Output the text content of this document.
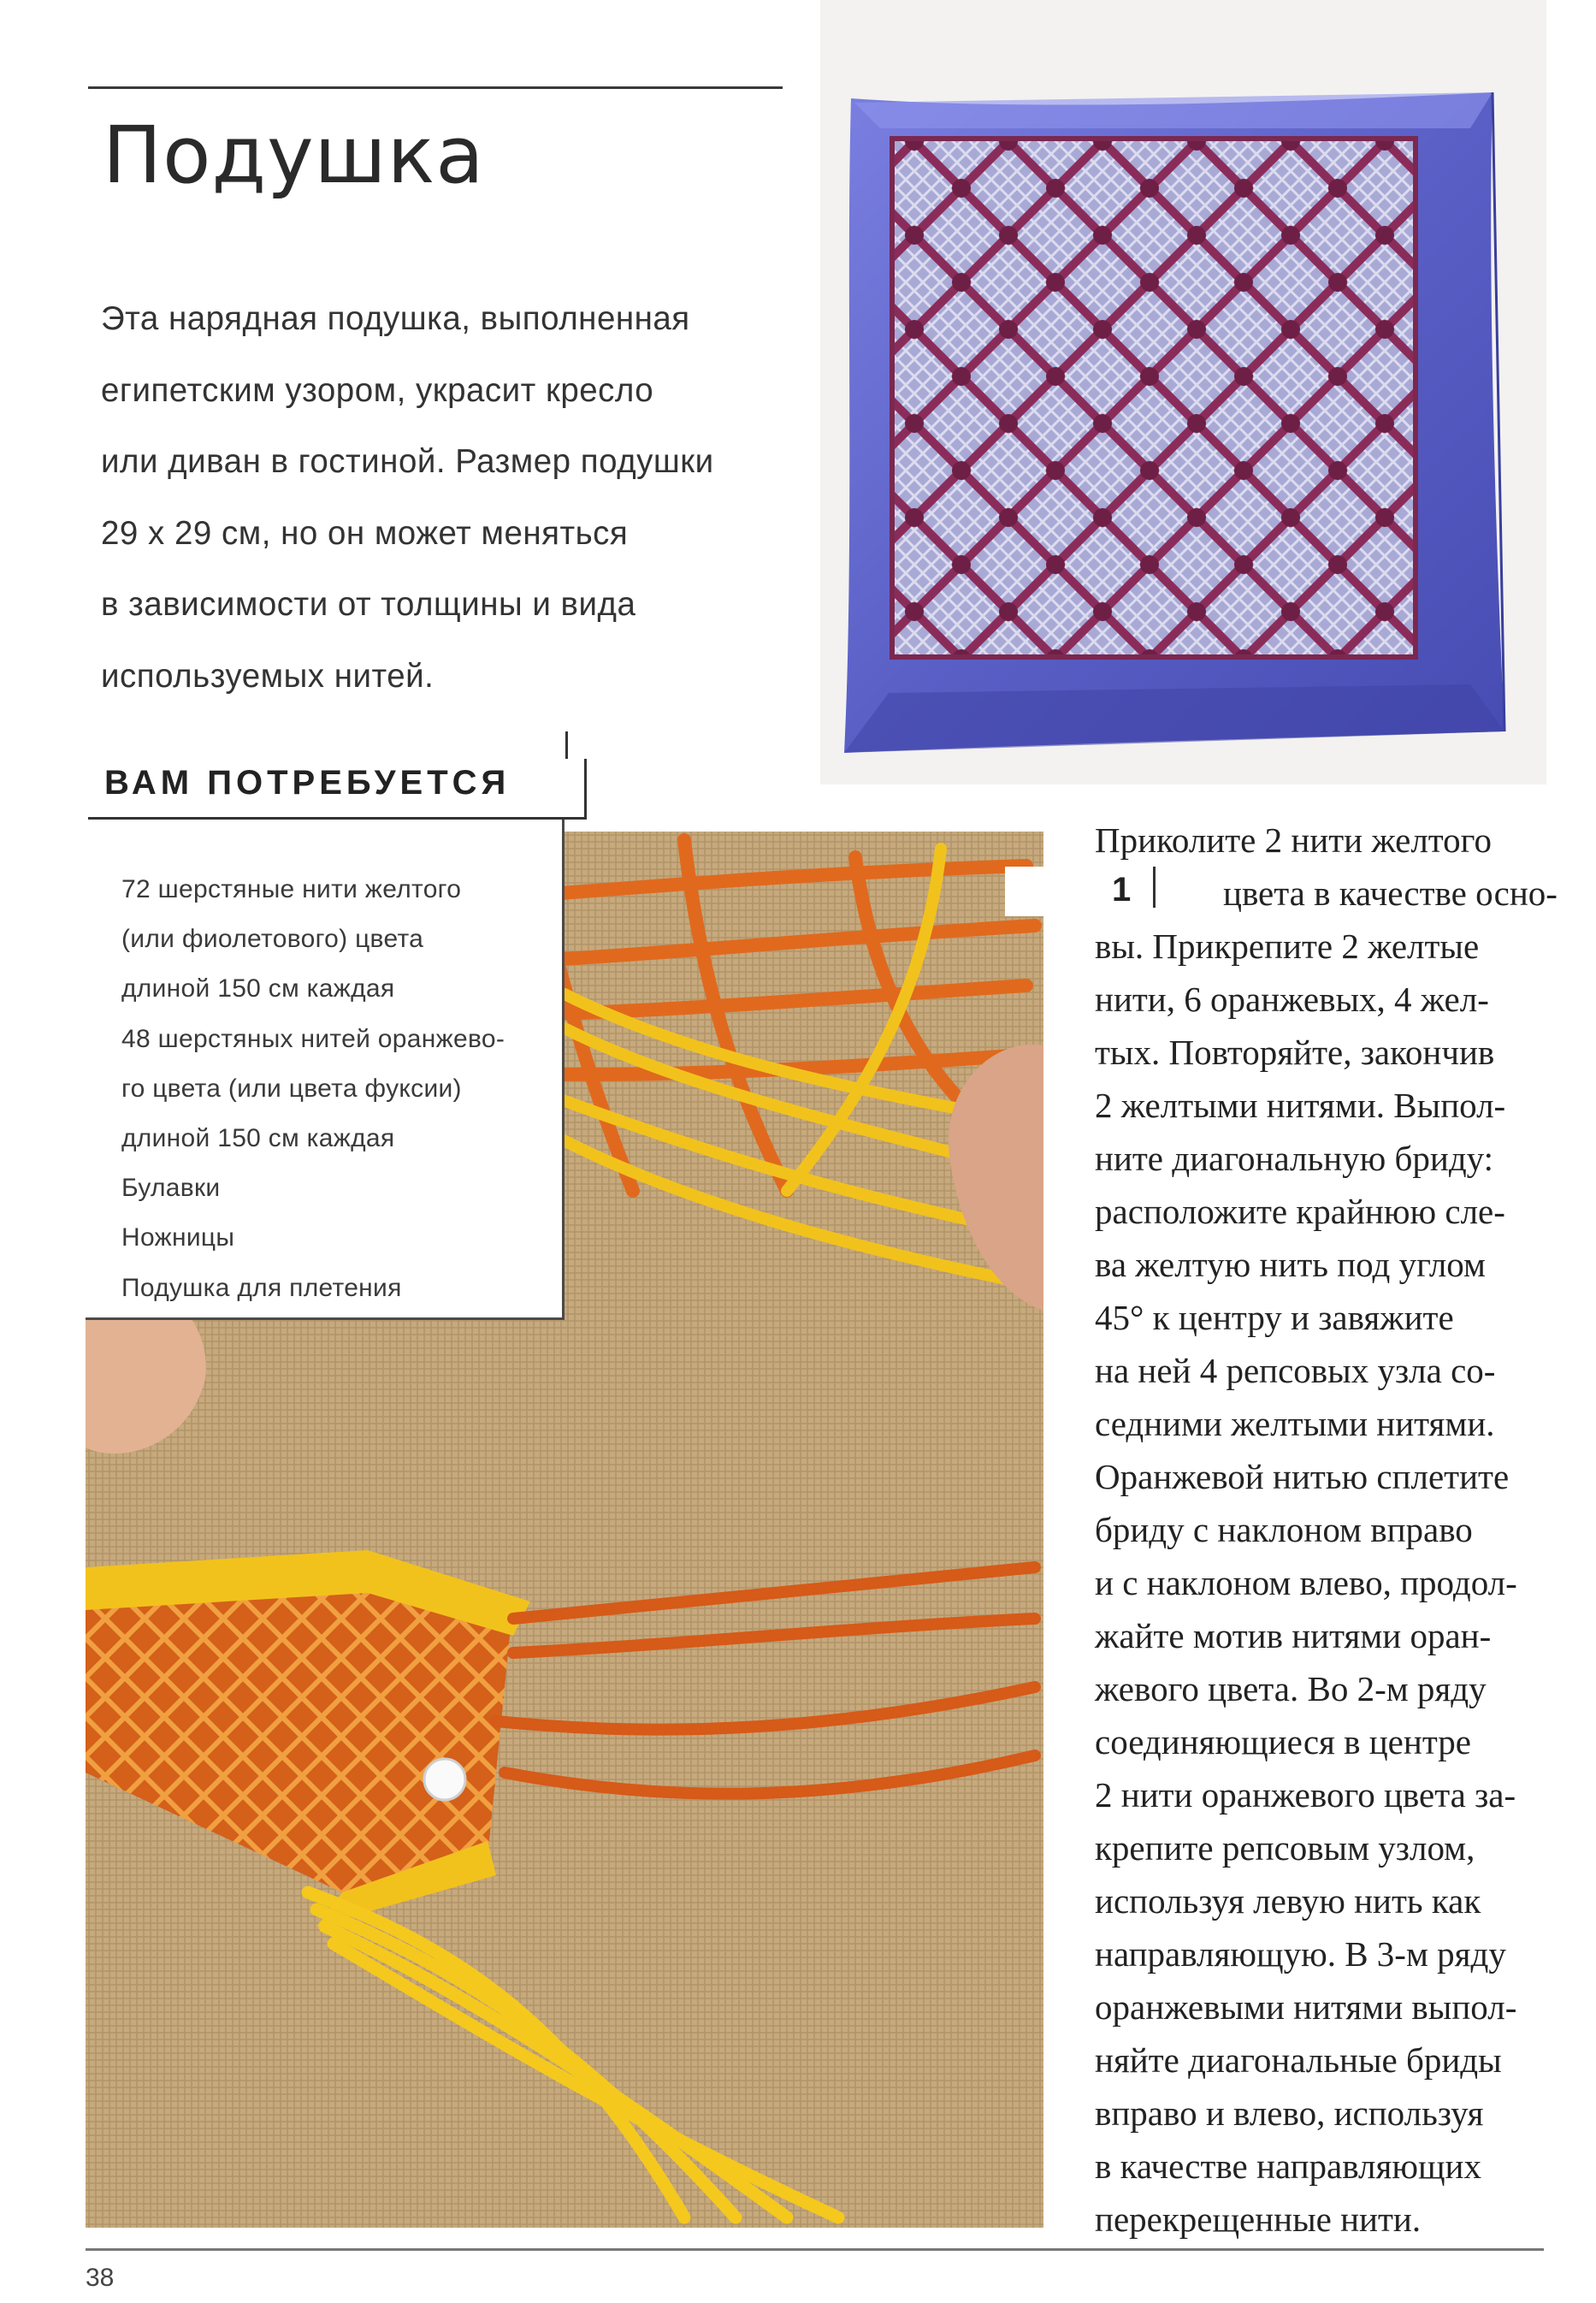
Подушка

Эта нарядная подушка, выполненная
египетским узором, украсит кресло
или диван в гостиной. Размер подушки
29 х 29 см, но он может меняться
в зависимости от толщины и вида
используемых нитей.

ВАМ ПОТРЕБУЕТСЯ
72 шерстяные нити желтого
(или фиолетового) цвета
длиной 150 см каждая
48 шерстяных нитей оранжево-
го цвета (или цвета фуксии)
длиной 150 см каждая
Булавки
Ножницы
Подушка для плетения
1

Приколите 2 нити желтого
цвета в качестве осно-
вы. Прикрепите 2 желтые
нити, 6 оранжевых, 4 жел-
тых. Повторяйте, закончив
2 желтыми нитями. Выпол-
ните диагональную бриду:
расположите крайнюю сле-
ва желтую нить под углом
45° к центру и завяжите
на ней 4 репсовых узла со-
седними желтыми нитями.
Оранжевой нитью сплетите
бриду с наклоном вправо
и с наклоном влево, продол-
жайте мотив нитями оран-
жевого цвета. Во 2-м ряду
соединяющиеся в центре
2 нити оранжевого цвета за-
крепите репсовым узлом,
используя левую нить как
направляющую. В 3-м ряду
оранжевыми нитями выпол-
няйте диагональные бриды
вправо и влево, используя
в качестве направляющих
перекрещенные нити.

38
